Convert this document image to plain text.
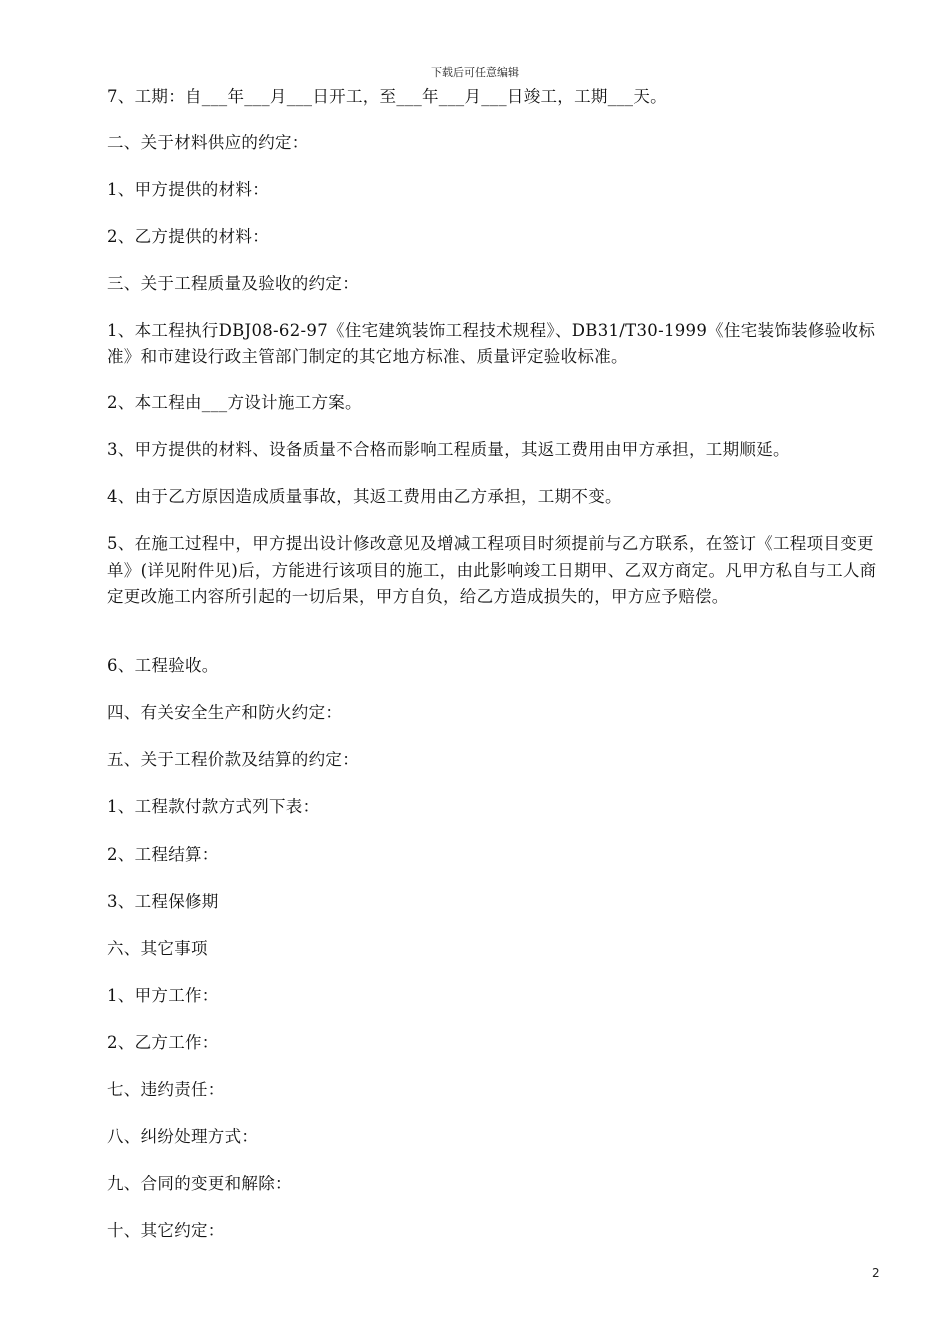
下载后可任意编辑
7、工期：自___年___月___日开工，至___年___月___日竣工，工期___天。
二、关于材料供应的约定：
1、甲方提供的材料：
2、乙方提供的材料：
三、关于工程质量及验收的约定：
1、本工程执行DBJ08-62-97《住宅建筑装饰工程技术规程》、DB31/T30-1999《住宅装饰装修验收标准》和市建设行政主管部门制定的其它地方标准、质量评定验收标准。
2、本工程由___方设计施工方案。
3、甲方提供的材料、设备质量不合格而影响工程质量，其返工费用由甲方承担，工期顺延。
4、由于乙方原因造成质量事故，其返工费用由乙方承担，工期不变。
5、在施工过程中，甲方提出设计修改意见及增减工程项目时须提前与乙方联系，在签订《工程项目变更单》(详见附件见)后，方能进行该项目的施工，由此影响竣工日期甲、乙双方商定。凡甲方私自与工人商定更改施工内容所引起的一切后果，甲方自负，给乙方造成损失的，甲方应予赔偿。
6、工程验收。
四、有关安全生产和防火约定：
五、关于工程价款及结算的约定：
1、工程款付款方式列下表：
2、工程结算：
3、工程保修期
六、其它事项
1、甲方工作：
2、乙方工作：
七、违约责任：
八、纠纷处理方式：
九、合同的变更和解除：
十、其它约定：
2
